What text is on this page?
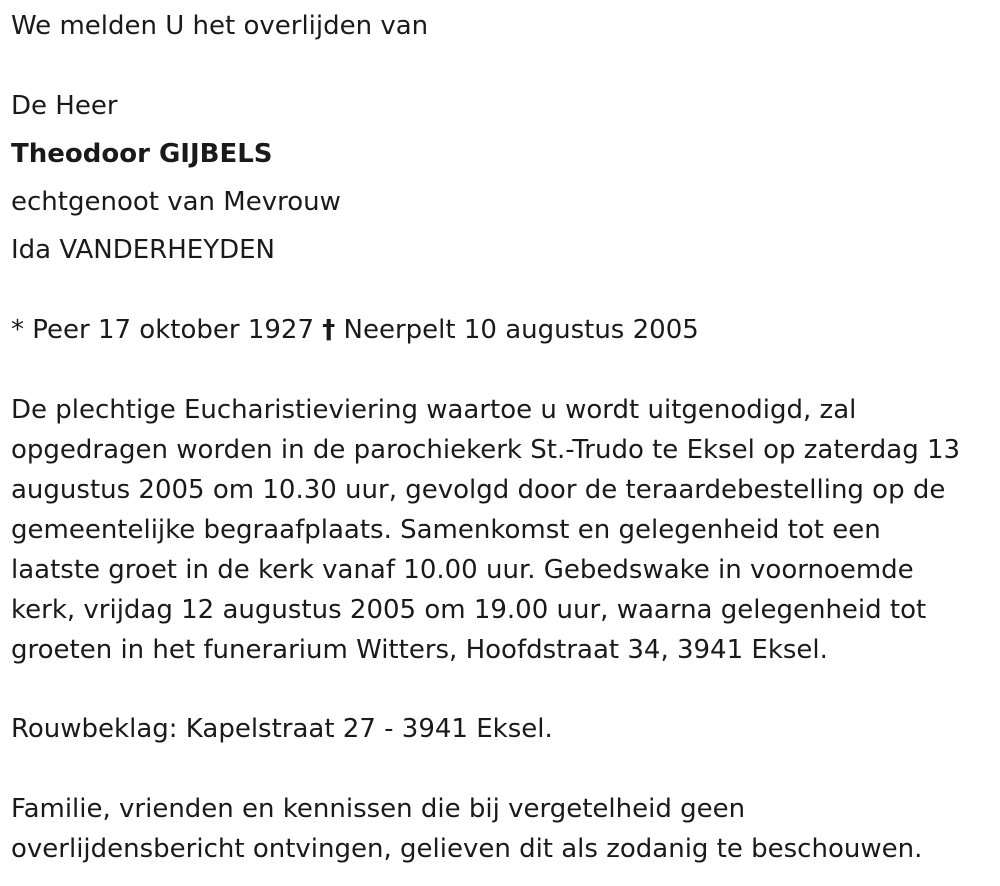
We melden U het overlijden van
De Heer
Theodoor GIJBELS
echtgenoot van Mevrouw
Ida VANDERHEYDEN
* Peer 17 oktober 1927 † Neerpelt 10 augustus 2005
De plechtige Eucharistieviering waartoe u wordt uitgenodigd, zal
opgedragen worden in de parochiekerk St.-Trudo te Eksel op zaterdag 13
augustus 2005 om 10.30 uur, gevolgd door de teraardebestelling op de
gemeentelijke begraafplaats. Samenkomst en gelegenheid tot een
laatste groet in de kerk vanaf 10.00 uur. Gebedswake in voornoemde
kerk, vrijdag 12 augustus 2005 om 19.00 uur, waarna gelegenheid tot
groeten in het funerarium Witters, Hoofdstraat 34, 3941 Eksel.
Rouwbeklag: Kapelstraat 27 - 3941 Eksel.
Familie, vrienden en kennissen die bij vergetelheid geen
overlijdensbericht ontvingen, gelieven dit als zodanig te beschouwen.
